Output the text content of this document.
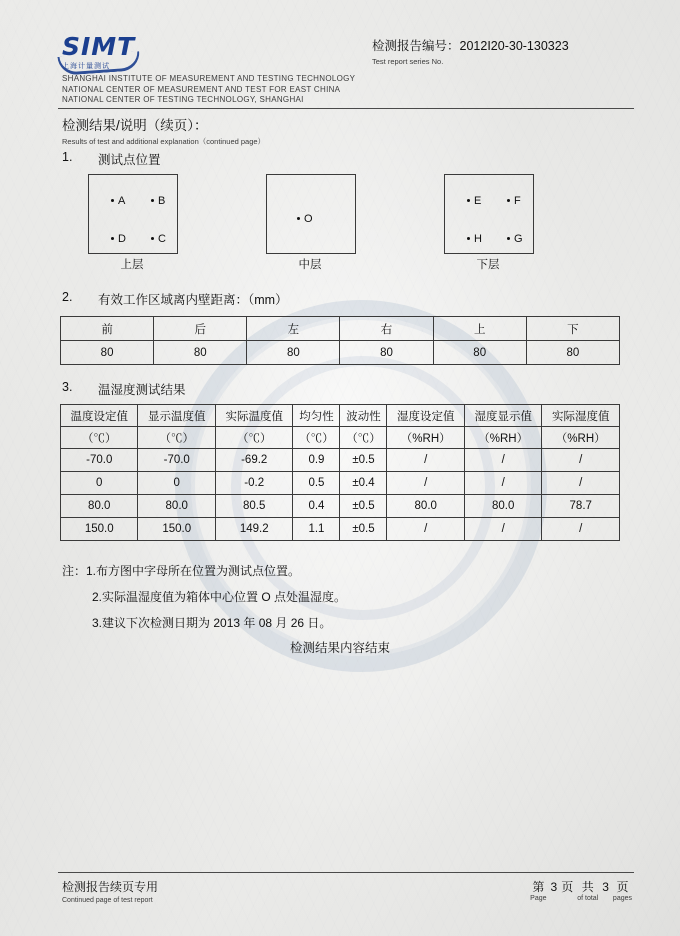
SIMT
上海计量测试
SHANGHAI INSTITUTE OF MEASUREMENT AND TESTING TECHNOLOGY
NATIONAL CENTER OF MEASUREMENT AND TEST FOR EAST CHINA
NATIONAL CENTER OF TESTING TECHNOLOGY, SHANGHAI
检测报告编号：2012I20-30-130323
Test report series No.
检测结果/说明（续页）：
Results of test and additional explanation（continued page）
1. 测试点位置
A	B
D	C
上层
O
中层
E	F
H	G
下层
2. 有效工作区域离内壁距离：（mm）
前	后	左	右	上	下
80	80	80	80	80	80
3. 温湿度测试结果
温度设定值	显示温度值	实际温度值	均匀性	波动性	湿度设定值	湿度显示值	实际湿度值
（℃）	（℃）	（℃）	（℃）	（℃）	（%RH）	（%RH）	（%RH）
-70.0	-70.0	-69.2	0.9	±0.5	/	/	/
0	0	-0.2	0.5	±0.4	/	/	/
80.0	80.0	80.5	0.4	±0.5	80.0	80.0	78.7
150.0	150.0	149.2	1.1	±0.5	/	/	/
注：1.布方图中字母所在位置为测试点位置。
2.实际温湿度值为箱体中心位置 O 点处温湿度。
3.建议下次检测日期为 2013 年 08 月 26 日。
检测结果内容结束
检测报告续页专用
Continued page of test report
第
Page
3 页 共
of total
3 页
pages
